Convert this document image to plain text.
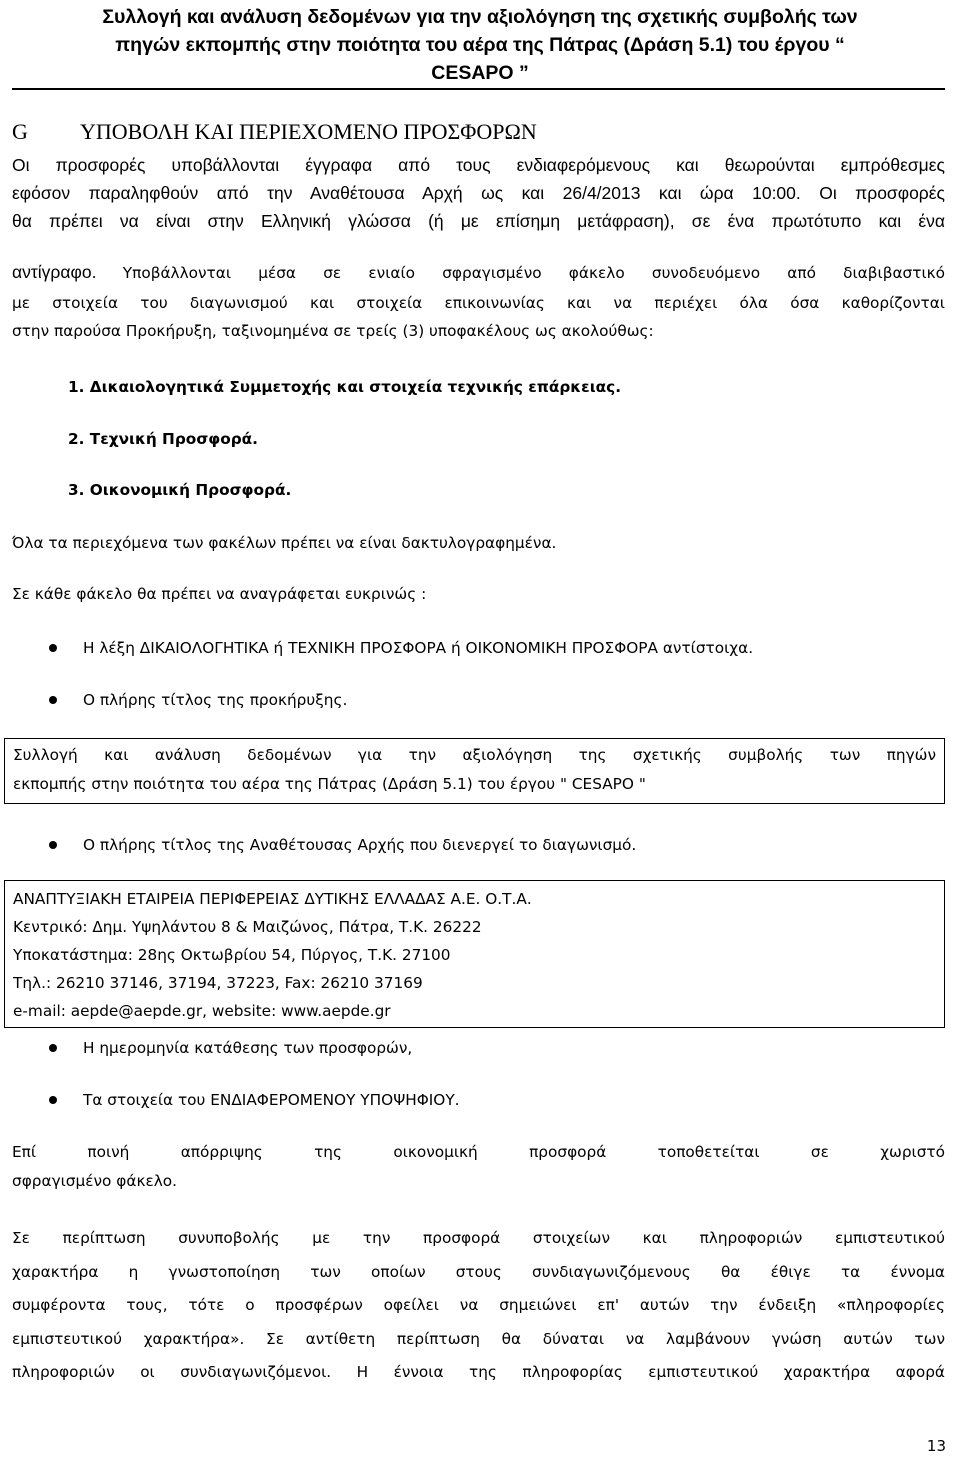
Συλλογή και ανάλυση δεδομένων για την αξιολόγηση της σχετικής συμβολής των
πηγών εκπομπής στην ποιότητα του αέρα της Πάτρας (Δράση 5.1) του έργου “
CESAPO ”
G ΥΠΟΒΟΛΗ ΚΑΙ ΠΕΡΙΕΧΟΜΕΝΟ ΠΡΟΣΦΟΡΩΝ

Οι προσφορές υποβάλλονται έγγραφα από τους ενδιαφερόμενους και θεωρούνται εμπρόθεσμες
εφόσον παραληφθούν από την Αναθέτουσα Αρχή ως και 26/4/2013 και ώρα 10:00. Οι προσφορές
θα πρέπει να είναι στην Ελληνική γλώσσα (ή με επίσημη μετάφραση), σε ένα πρωτότυπο και ένα

αντίγραφο. Υποβάλλονται μέσα σε ενιαίο σφραγισμένο φάκελο συνοδευόμενο από διαβιβαστικό
με στοιχεία του διαγωνισμού και στοιχεία επικοινωνίας και να περιέχει όλα όσα καθορίζονται
στην παρούσα Προκήρυξη, ταξινομημένα σε τρείς (3) υποφακέλους ως ακολούθως:

1. Δικαιολογητικά Συμμετοχής και στοιχεία τεχνικής επάρκειας.

2. Τεχνική Προσφορά.

3. Οικονομική Προσφορά.

Όλα τα περιεχόμενα των φακέλων πρέπει να είναι δακτυλογραφημένα.

Σε κάθε φάκελο θα πρέπει να αναγράφεται ευκρινώς :

Η λέξη ΔΙΚΑΙΟΛΟΓΗΤΙΚΑ ή ΤΕΧΝΙΚΗ ΠΡΟΣΦΟΡΑ ή ΟΙΚΟΝΟΜΙΚΗ ΠΡΟΣΦΟΡΑ αντίστοιχα.
Ο πλήρης τίτλος της προκήρυξης.
Συλλογή και ανάλυση δεδομένων για την αξιολόγηση της σχετικής συμβολής των πηγών
εκπομπής στην ποιότητα του αέρα της Πάτρας (Δράση 5.1) του έργου " CESAPO "
Ο πλήρης τίτλος της Αναθέτουσας Αρχής που διενεργεί το διαγωνισμό.
ΑΝΑΠΤΥΞΙΑΚΗ ΕΤΑΙΡΕΙΑ ΠΕΡΙΦΕΡΕΙΑΣ ΔΥΤΙΚΗΣ ΕΛΛΑΔΑΣ Α.Ε. Ο.Τ.Α.
Κεντρικό: Δημ. Υψηλάντου 8 & Μαιζώνος, Πάτρα, Τ.Κ. 26222
Υποκατάστημα: 28ης Οκτωβρίου 54, Πύργος, Τ.Κ. 27100
Τηλ.: 26210 37146, 37194, 37223, Fax: 26210 37169
e-mail: aepde@aepde.gr, website: www.aepde.gr
Η ημερομηνία κατάθεσης των προσφορών,
Τα στοιχεία του ΕΝΔΙΑΦΕΡΟΜΕΝΟΥ ΥΠΟΨΗΦΙΟΥ.

Επί ποινή απόρριψης της οικονομική προσφορά τοποθετείται σε χωριστό
σφραγισμένο φάκελο.

Σε περίπτωση συνυποβολής με την προσφορά στοιχείων και πληροφοριών εμπιστευτικού
χαρακτήρα η γνωστοποίηση των οποίων στους συνδιαγωνιζόμενους θα έθιγε τα έννομα
συμφέροντα τους, τότε ο προσφέρων οφείλει να σημειώνει επ' αυτών την ένδειξη «πληροφορίες
εμπιστευτικού χαρακτήρα». Σε αντίθετη περίπτωση θα δύναται να λαμβάνουν γνώση αυτών των
πληροφοριών οι συνδιαγωνιζόμενοι. Η έννοια της πληροφορίας εμπιστευτικού χαρακτήρα αφορά

13
